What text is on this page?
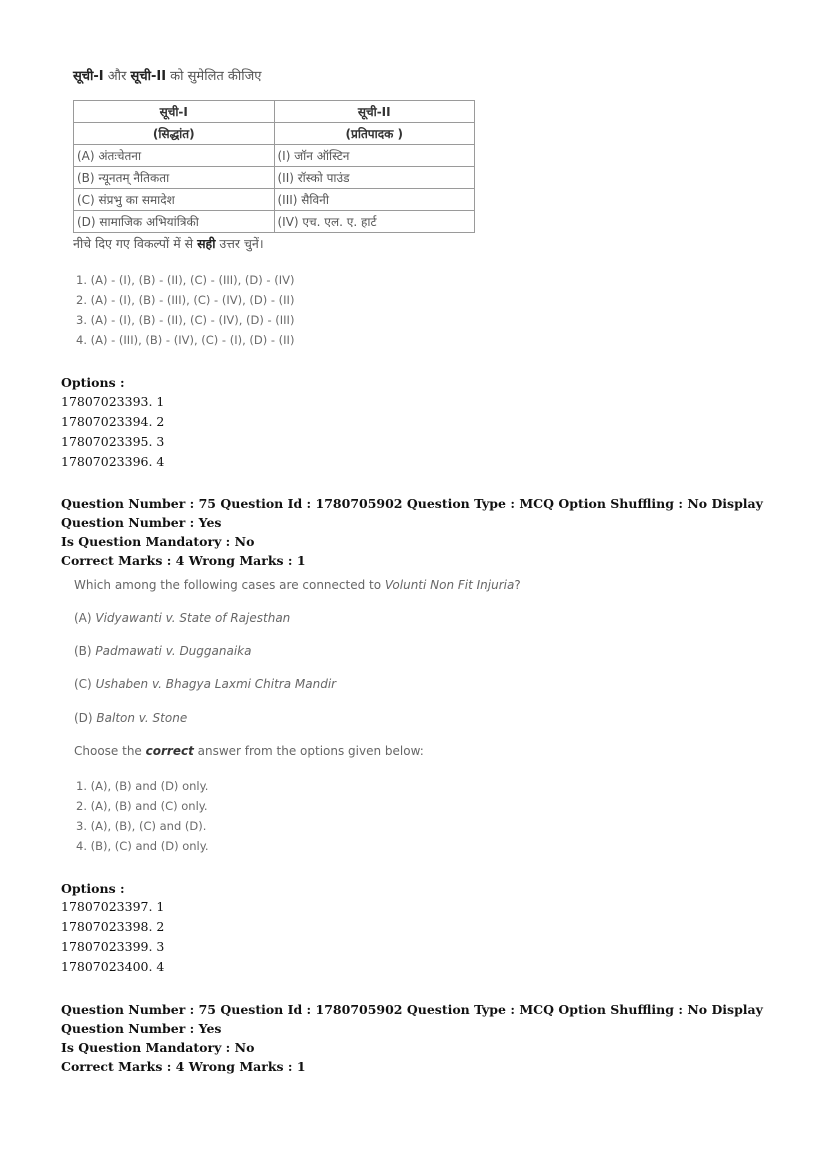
सूची-I और सूची-II को सुमेलित कीजिए
सूची-I	सूची-II
(सिद्धांत)	(प्रतिपादक )
(A) अंतःचेतना	(I) जॉन ऑस्टिन
(B) न्यूनतम् नैतिकता	(II) रॉस्को पाउंड
(C) संप्रभु का समादेश	(III) सैविनी
(D) सामाजिक अभियांत्रिकी	(IV) एच. एल. ए. हार्ट
नीचे दिए गए विकल्पों में से सही उत्तर चुनें।
1. (A) - (I), (B) - (II), (C) - (III), (D) - (IV)
2. (A) - (I), (B) - (III), (C) - (IV), (D) - (II)
3. (A) - (I), (B) - (II), (C) - (IV), (D) - (III)
4. (A) - (III), (B) - (IV), (C) - (I), (D) - (II)
Options :
17807023393. 1
17807023394. 2
17807023395. 3
17807023396. 4
Question Number : 75 Question Id : 1780705902 Question Type : MCQ Option Shuffling : No Display Question Number : Yes
Is Question Mandatory : No
Correct Marks : 4 Wrong Marks : 1
Which among the following cases are connected to Volunti Non Fit Injuria?
(A) Vidyawanti v. State of Rajesthan
(B) Padmawati v. Dugganaika
(C) Ushaben v. Bhagya Laxmi Chitra Mandir
(D) Balton v. Stone
Choose the correct answer from the options given below:
1. (A), (B) and (D) only.
2. (A), (B) and (C) only.
3. (A), (B), (C) and (D).
4. (B), (C) and (D) only.
Options :
17807023397. 1
17807023398. 2
17807023399. 3
17807023400. 4
Question Number : 75 Question Id : 1780705902 Question Type : MCQ Option Shuffling : No Display Question Number : Yes
Is Question Mandatory : No
Correct Marks : 4 Wrong Marks : 1
